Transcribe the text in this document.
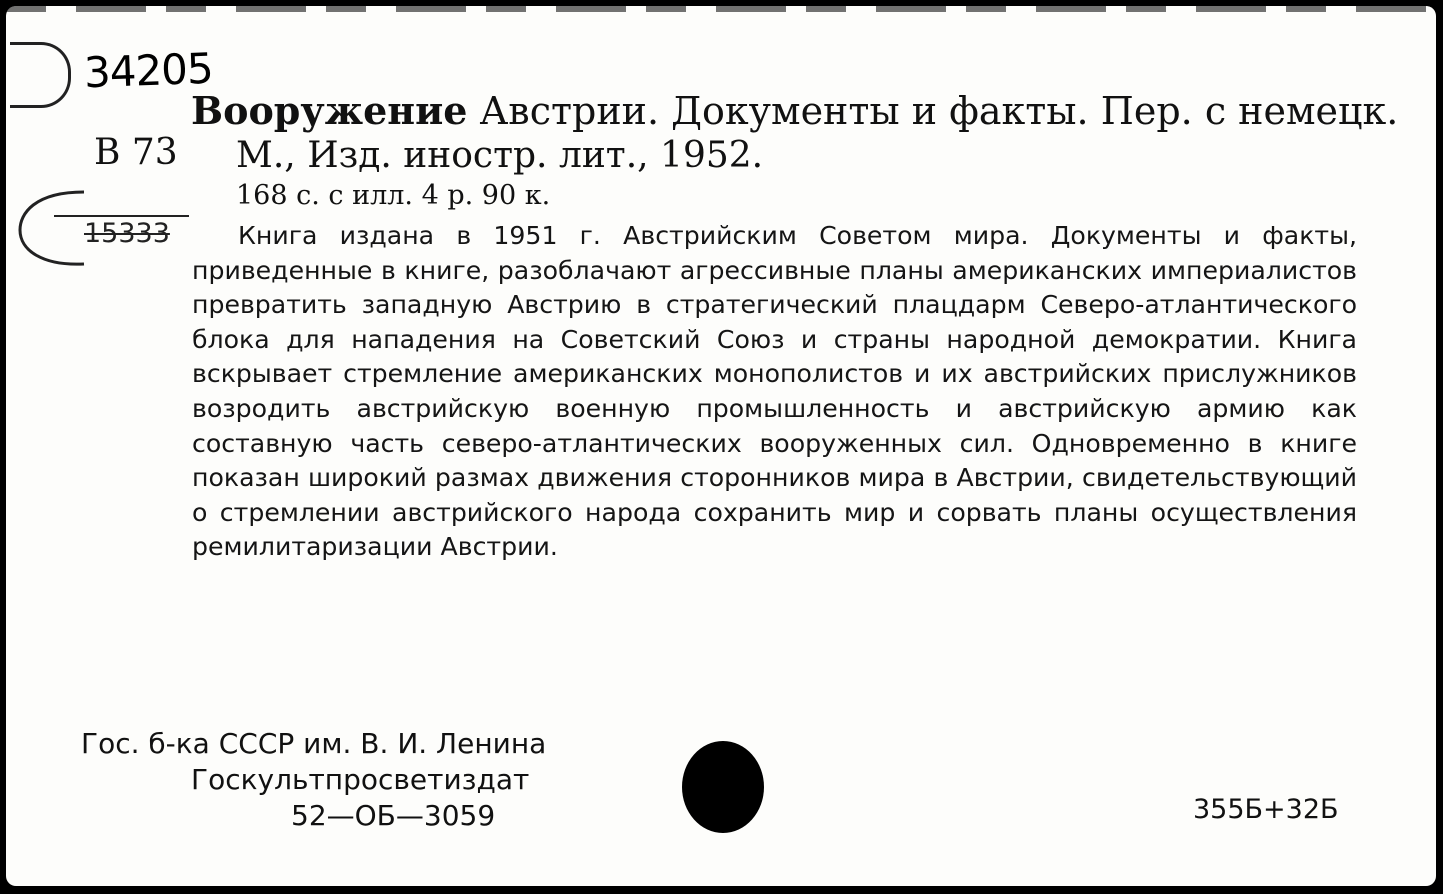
34205
15333
В 73
Вооружение Австрии. Документы и факты. Пер. с немецк.
М., Изд. иностр. лит., 1952.
168 с. с илл. 4 р. 90 к.
Книга издана в 1951 г. Австрийским Советом мира. Документы и факты, приведенные в книге, разоблачают агрессивные планы американских империалистов превратить западную Австрию в стратегический плацдарм Северо-атлантического блока для нападения на Советский Союз и страны народной демократии. Книга вскрывает стремление американских монополистов и их австрийских прислужников возродить австрийскую военную промышленность и австрийскую армию как составную часть северо-атлантических вооруженных сил. Одновременно в книге показан широкий размах движения сторонников мира в Австрии, свидетельствующий о стремлении австрийского народа сохранить мир и сорвать планы осуществления ремилитаризации Австрии.
Гос. б-ка СССР им. В. И. Ленина
Госкультпросветиздат
52—ОБ—3059	355Б+32Б
